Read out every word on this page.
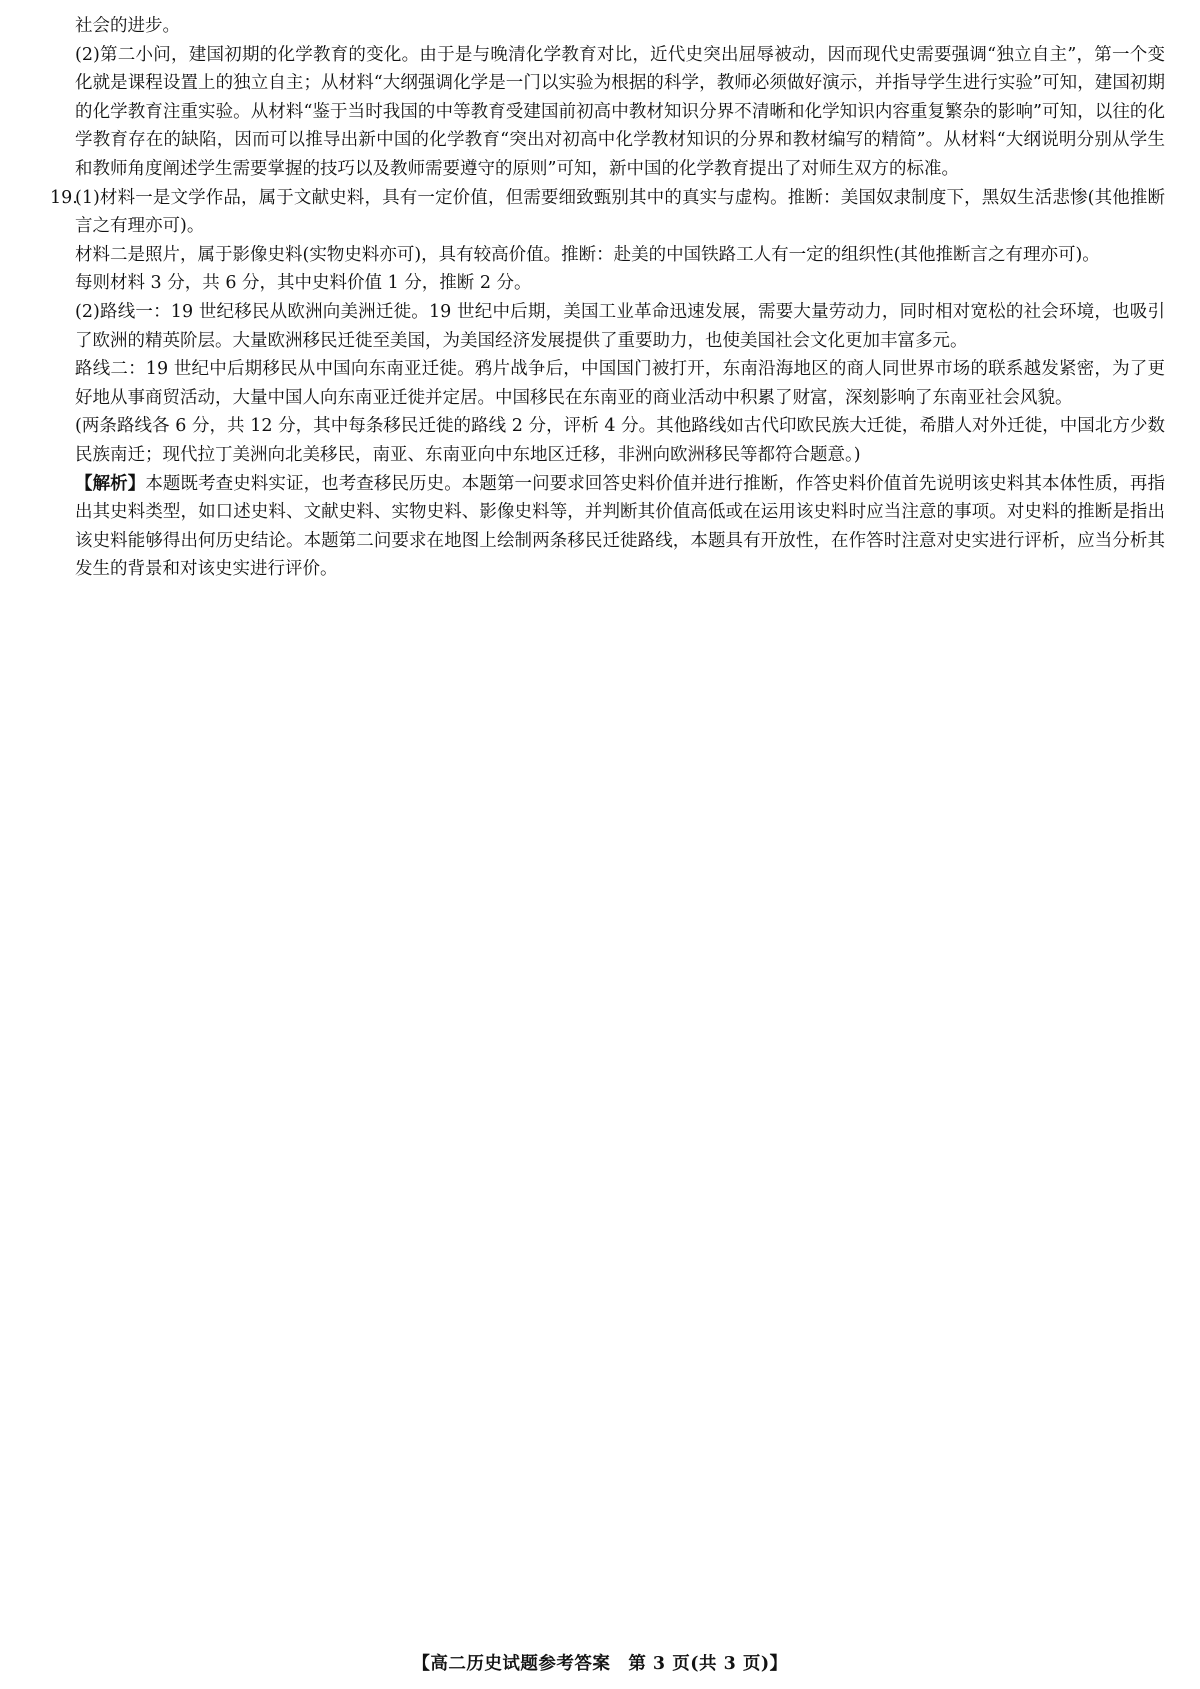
社会的进步。

(2)第二小问，建国初期的化学教育的变化。由于是与晚清化学教育对比，近代史突出屈辱被动，因而现代史需要强调“独立自主”，第一个变化就是课程设置上的独立自主；从材料“大纲强调化学是一门以实验为根据的科学，教师必须做好演示，并指导学生进行实验”可知，建国初期的化学教育注重实验。从材料“鉴于当时我国的中等教育受建国前初高中教材知识分界不清晰和化学知识内容重复繁杂的影响”可知，以往的化学教育存在的缺陷，因而可以推导出新中国的化学教育“突出对初高中化学教材知识的分界和教材编写的精简”。从材料“大纲说明分别从学生和教师角度阐述学生需要掌握的技巧以及教师需要遵守的原则”可知，新中国的化学教育提出了对师生双方的标准。

19.

(1)材料一是文学作品，属于文献史料，具有一定价值，但需要细致甄别其中的真实与虚构。推断：美国奴隶制度下，黑奴生活悲惨(其他推断言之有理亦可)。

材料二是照片，属于影像史料(实物史料亦可)，具有较高价值。推断：赴美的中国铁路工人有一定的组织性(其他推断言之有理亦可)。

每则材料 3 分，共 6 分，其中史料价值 1 分，推断 2 分。

(2)路线一：19 世纪移民从欧洲向美洲迁徙。19 世纪中后期，美国工业革命迅速发展，需要大量劳动力，同时相对宽松的社会环境，也吸引了欧洲的精英阶层。大量欧洲移民迁徙至美国，为美国经济发展提供了重要助力，也使美国社会文化更加丰富多元。

路线二：19 世纪中后期移民从中国向东南亚迁徙。鸦片战争后，中国国门被打开，东南沿海地区的商人同世界市场的联系越发紧密，为了更好地从事商贸活动，大量中国人向东南亚迁徙并定居。中国移民在东南亚的商业活动中积累了财富，深刻影响了东南亚社会风貌。

(两条路线各 6 分，共 12 分，其中每条移民迁徙的路线 2 分，评析 4 分。其他路线如古代印欧民族大迁徙，希腊人对外迁徙，中国北方少数民族南迁；现代拉丁美洲向北美移民，南亚、东南亚向中东地区迁移，非洲向欧洲移民等都符合题意。)

【解析】本题既考查史料实证，也考查移民历史。本题第一问要求回答史料价值并进行推断，作答史料价值首先说明该史料其本体性质，再指出其史料类型，如口述史料、文献史料、实物史料、影像史料等，并判断其价值高低或在运用该史料时应当注意的事项。对史料的推断是指出该史料能够得出何历史结论。本题第二问要求在地图上绘制两条移民迁徙路线，本题具有开放性，在作答时注意对史实进行评析，应当分析其发生的背景和对该史实进行评价。

【高二历史试题参考答案　第 3 页(共 3 页)】
